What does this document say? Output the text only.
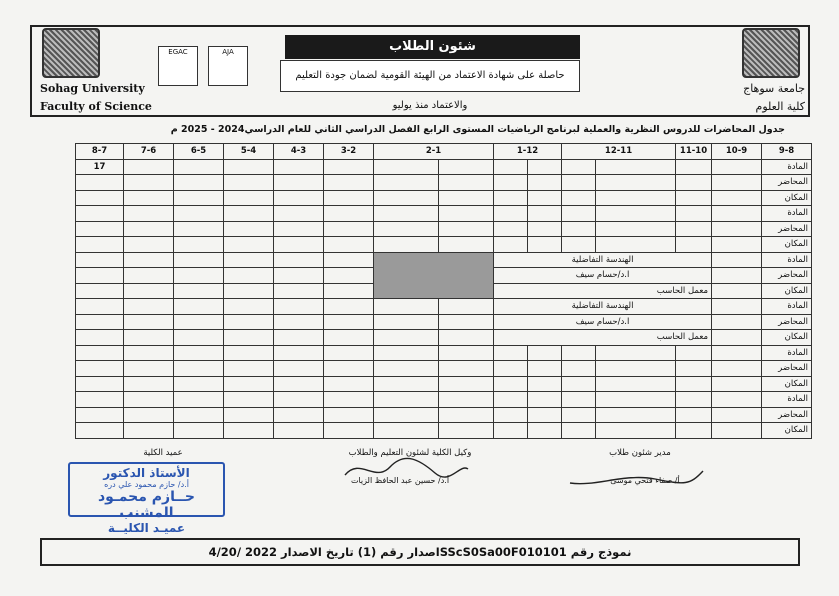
Sohag University
Faculty of Science
جامعة سوهاج
كلية العلوم
EGAC	AJA	شئون الطلاب
حاصلة على شهادة الاعتماد من الهيئة القومية لضمان جودة التعليم والاعتماد منذ يوليو
جدول المحاضرات للدروس النظرية والعملية لبرنامج الرياضيات المستوى الرابع الفصل الدراسي الثاني للعام الدراسي2024 - 2025 م
8-7	7-6	6-5	5-4	4-3	3-2	2-1		1-12		12-11		11-10	10-9	9-8		
17														المادة	
														المحاضر	
														المكان	
														المادة	
														المحاضر	
														المكان	
								الهندسة التفاضلية						المادة	
								ا.د/حسام سيف						المحاضر	
								معمل الحاسب						المكان	
								الهندسة التفاضلية						المادة	
								ا.د/حسام سيف						المحاضر	
								معمل الحاسب						المكان	
														المادة	
														المحاضر	
														المكان	
														المادة	
														المحاضر	
														المكان	
عميد الكلية	وكيل الكلية لشئون التعليم والطلاب	مدير شئون طلاب
أ.د/ حسين عبد الحافظ الزيات	أ/ صفاء فتحي موسى
الأستاذ الدكتور
أ.د/ حازم محمود علي دره
حــازم محمـود المشنب
عميـد الكليــة
نموذج رقم SScS0Sa00F010101اصدار رقم (1) تاريخ الاصدار 2022 /4/20
